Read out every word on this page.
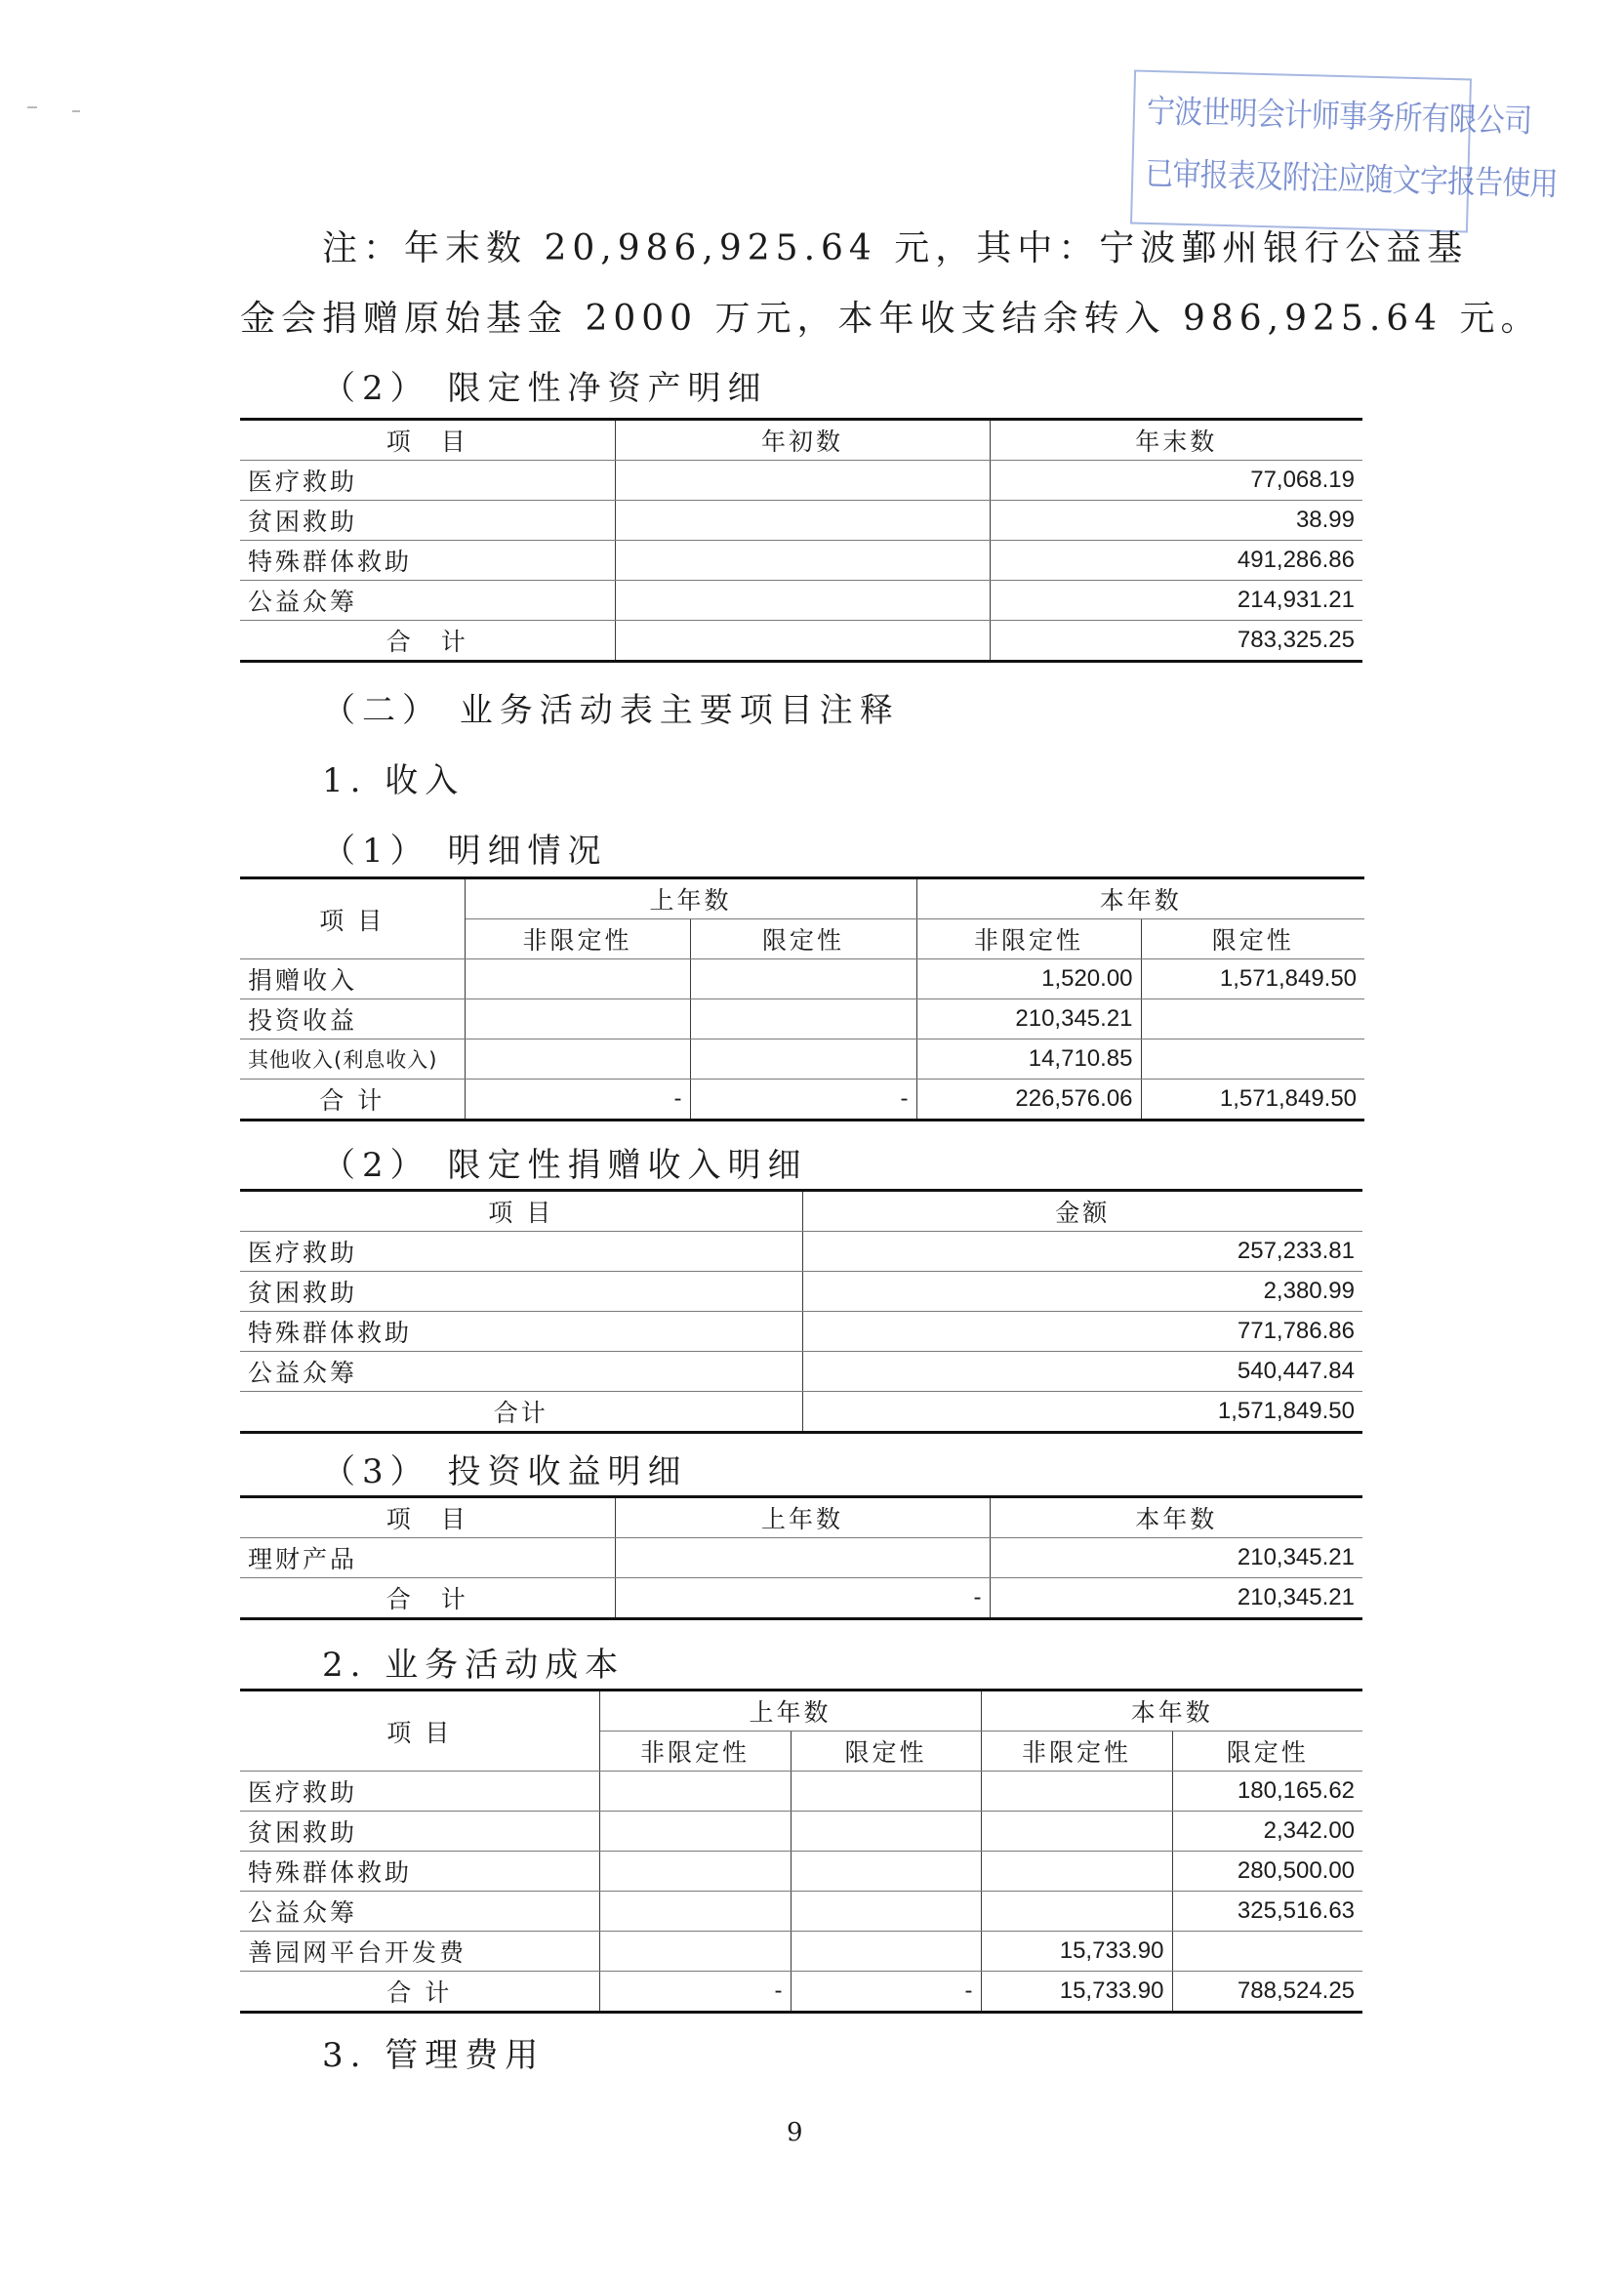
宁波世明会计师事务所有限公司
已审报表及附注应随文字报告使用
注：年末数 20,986,925.64 元，其中：宁波鄞州银行公益基
金会捐赠原始基金 2000 万元，本年收支结余转入 986,925.64 元。
（2） 限定性净资产明细
项　目	年初数	年末数
医疗救助		77,068.19
贫困救助		38.99
特殊群体救助		491,286.86
公益众筹		214,931.21
合　计		783,325.25
（二） 业务活动表主要项目注释
1. 收入
（1） 明细情况
项 目	上年数		本年数	
	非限定性	限定性	非限定性	限定性
捐赠收入			1,520.00	1,571,849.50
投资收益			210,345.21	
其他收入(利息收入)			14,710.85	
合 计	-	-	226,576.06	1,571,849.50
（2） 限定性捐赠收入明细
项 目	金额
医疗救助	257,233.81
贫困救助	2,380.99
特殊群体救助	771,786.86
公益众筹	540,447.84
合计	1,571,849.50
（3） 投资收益明细
项　目	上年数	本年数
理财产品		210,345.21
合　计	-	210,345.21
2. 业务活动成本
项 目	上年数		本年数	
	非限定性	限定性	非限定性	限定性
医疗救助				180,165.62
贫困救助				2,342.00
特殊群体救助				280,500.00
公益众筹				325,516.63
善园网平台开发费			15,733.90	
合 计	-	-	15,733.90	788,524.25
3. 管理费用
9
